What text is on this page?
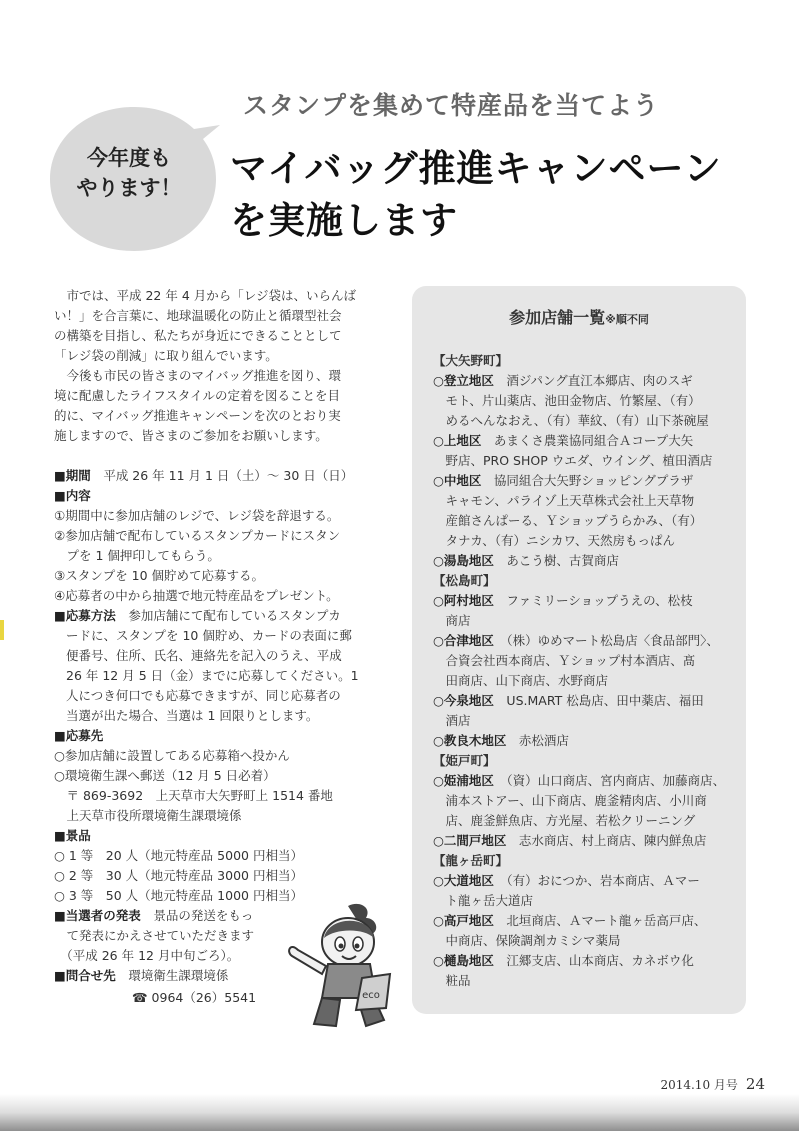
今年度も
やります！
スタンプを集めて特産品を当てよう
マイバッグ推進キャンペーン
を実施します
　市では、平成 22 年 4 月から「レジ袋は、いらんば
い！」を合言葉に、地球温暖化の防止と循環型社会
の構築を目指し、私たちが身近にできることとして
「レジ袋の削減」に取り組んでいます。
　今後も市民の皆さまのマイバッグ推進を図り、環
境に配慮したライフスタイルの定着を図ることを目
的に、マイバッグ推進キャンペーンを次のとおり実
施しますので、皆さまのご参加をお願いします。
■期間　平成 26 年 11 月 1 日（土）～ 30 日（日）
■内容
①期間中に参加店舗のレジで、レジ袋を辞退する。
②参加店舗で配布しているスタンプカードにスタン
　プを 1 個押印してもらう。
③スタンプを 10 個貯めて応募する。
④応募者の中から抽選で地元特産品をプレゼント。
■応募方法　参加店舗にて配布しているスタンプカ
ードに、スタンプを 10 個貯め、カードの表面に郵
便番号、住所、氏名、連絡先を記入のうえ、平成
26 年 12 月 5 日（金）までに応募してください。1
人につき何口でも応募できますが、同じ応募者の
当選が出た場合、当選は 1 回限りとします。
■応募先
○参加店舗に設置してある応募箱へ投かん
○環境衛生課へ郵送（12 月 5 日必着）
　〒 869-3692　上天草市大矢野町上 1514 番地
　上天草市役所環境衛生課環境係
■景品
○ 1 等　20 人（地元特産品 5000 円相当）
○ 2 等　30 人（地元特産品 3000 円相当）
○ 3 等　50 人（地元特産品 1000 円相当）
■当選者の発表　景品の発送をもっ
　て発表にかえさせていただきます
　（平成 26 年 12 月中旬ごろ）。
■問合せ先　環境衛生課環境係
☎ 0964（26）5541	eco
参加店舗一覧※順不同
【大矢野町】
○登立地区　酒ジパング直江本郷店、肉のスギ
　モト、片山薬店、池田金物店、竹繁屋、（有）
　めるへんなおえ、（有）華紋、（有）山下茶碗屋
○上地区　あまくさ農業協同組合Ａコープ大矢
　野店、PRO SHOP ウエダ、ウイング、植田酒店
○中地区　協同組合大矢野ショッピングプラザ
　キャモン、パライゾ上天草株式会社上天草物
　産館さんぱーる、Ｙショップうらかみ、（有）
　タナカ、（有）ニシカワ、天然房もっぱん
○湯島地区　あこう樹、古賀商店
【松島町】
○阿村地区　ファミリーショップうえの、松枝
　商店
○合津地区　（株）ゆめマート松島店〈食品部門〉、
　合資会社西本商店、Ｙショップ村本酒店、髙
　田商店、山下商店、水野商店
○今泉地区　US.MART 松島店、田中薬店、福田
　酒店
○教良木地区　赤松酒店
【姫戸町】
○姫浦地区　（資）山口商店、宮内商店、加藤商店、
　浦本ストアー、山下商店、鹿釜精肉店、小川商
　店、鹿釜鮮魚店、方光屋、若松クリーニング
○二間戸地区　志水商店、村上商店、陳内鮮魚店
【龍ヶ岳町】
○大道地区　（有）おにつか、岩本商店、Ａマー
　ト龍ヶ岳大道店
○高戸地区　北垣商店、Ａマート龍ヶ岳高戸店、
　中商店、保険調剤カミシマ薬局
○樋島地区　江郷支店、山本商店、カネボウ化
　粧品
2014.10 月号 24
